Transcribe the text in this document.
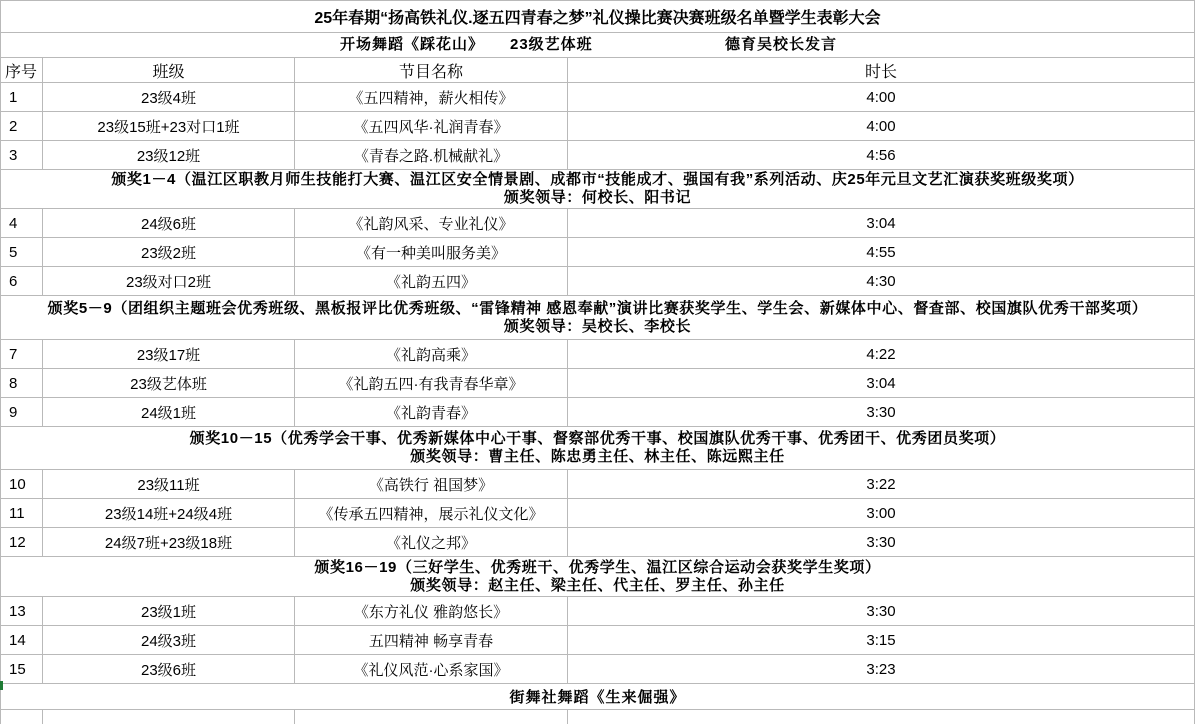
25年春期“扬高铁礼仪.逐五四青春之梦”礼仪操比赛决赛班级名单暨学生表彰大会
开场舞蹈《踩花山》 23级艺体班	德育吴校长发言
序号	班级	节目名称	时长
1	23级4班	《五四精神，薪火相传》	4:00
2	23级15班+23对口1班	《五四风华·礼润青春》	4:00
3	23级12班	《青春之路.机械献礼》	4:56
颁奖1－4（温江区职教月师生技能打大赛、温江区安全情景剧、成都市“技能成才、强国有我”系列活动、庆25年元旦文艺汇演获奖班级奖项）
颁奖领导：何校长、阳书记
4	24级6班	《礼韵风采、专业礼仪》	3:04
5	23级2班	《有一种美叫服务美》	4:55
6	23级对口2班	《礼韵五四》	4:30
颁奖5－9（团组织主题班会优秀班级、黑板报评比优秀班级、“雷锋精神 感恩奉献”演讲比赛获奖学生、学生会、新媒体中心、督查部、校国旗队优秀干部奖项）
颁奖领导：吴校长、李校长
7	23级17班	《礼韵高乘》	4:22
8	23级艺体班	《礼韵五四·有我青春华章》	3:04
9	24级1班	《礼韵青春》	3:30
颁奖10－15（优秀学会干事、优秀新媒体中心干事、督察部优秀干事、校国旗队优秀干事、优秀团干、优秀团员奖项）
颁奖领导：曹主任、陈忠勇主任、林主任、陈远熙主任
10	23级11班	《高铁行 祖国梦》	3:22
11	23级14班+24级4班	《传承五四精神，展示礼仪文化》	3:00
12	24级7班+23级18班	《礼仪之邦》	3:30
颁奖16－19（三好学生、优秀班干、优秀学生、温江区综合运动会获奖学生奖项）
颁奖领导：赵主任、梁主任、代主任、罗主任、孙主任
13	23级1班	《东方礼仪 雅韵悠长》	3:30
14	24级3班	五四精神 畅享青春	3:15
15	23级6班	《礼仪风范·心系家国》	3:23
街舞社舞蹈《生来倔强》
